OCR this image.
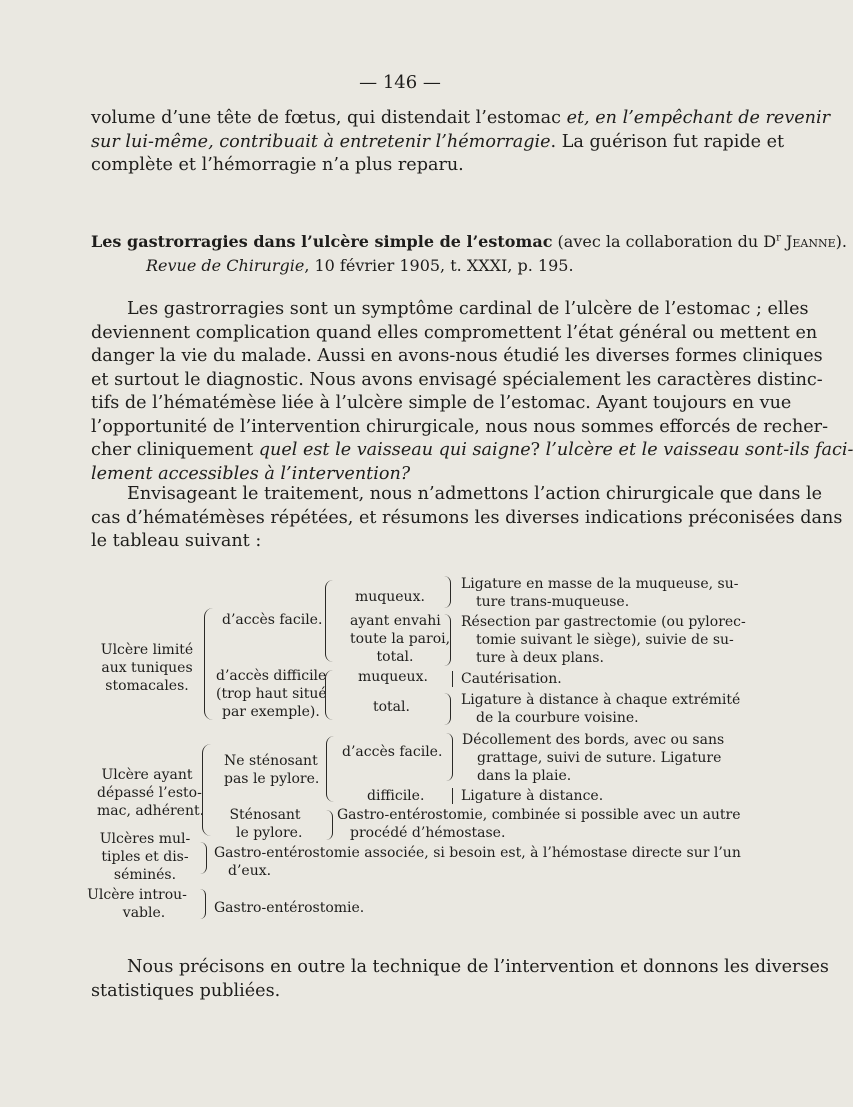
— 146 —
volume d’une tête de fœtus, qui distendait l’estomac et, en l’empêchant de revenir
sur lui-même, contribuait à entretenir l’hémorragie. La guérison fut rapide et
complète et l’hémorragie n’a plus reparu.
Les gastrorragies dans l’ulcère simple de l’estomac (avec la collaboration du $D^r$ Jeanne).
Revue de Chirurgie, 10 février 1905, t. XXXI, p. 195.
Les gastrorragies sont un symptôme cardinal de l’ulcère de l’estomac ; elles
deviennent complication quand elles compromettent l’état général ou mettent en
danger la vie du malade. Aussi en avons-nous étudié les diverses formes cliniques
et surtout le diagnostic. Nous avons envisagé spécialement les caractères distinc-
tifs de l’hématémèse liée à l’ulcère simple de l’estomac. Ayant toujours en vue
l’opportunité de l’intervention chirurgicale, nous nous sommes efforcés de recher-
cher cliniquement quel est le vaisseau qui saigne? l’ulcère et le vaisseau sont-ils faci-
lement accessibles à l’intervention?
Envisageant le traitement, nous n’admettons l’action chirurgicale que dans le
cas d’hématémèses répétées, et résumons les diverses indications préconisées dans
le tableau suivant :
Ulcère limité
aux tuniques
stomacales.
d’accès facile.
d’accès difficile
(trop haut situé
par exemple).
muqueux.
ayant envahi
toute la paroi,
total.
muqueux.
total.
Ligature en masse de la muqueuse, su-
ture trans-muqueuse.
Résection par gastrectomie (ou pylorec-
tomie suivant le siège), suivie de su-
ture à deux plans.
Cautérisation.
Ligature à distance à chaque extrémité
de la courbure voisine.
Ulcère ayant
dépassé l’esto-
mac, adhérent.
Ne sténosant
pas le pylore.
d’accès facile.
difficile.
Décollement des bords, avec ou sans
grattage, suivi de suture. Ligature
dans la plaie.
Ligature à distance.
Sténosant
le pylore.
Gastro-entérostomie, combinée si possible avec un autre
procédé d’hémostase.
Ulcères mul-
tiples et dis-
séminés.
Gastro-entérostomie associée, si besoin est, à l’hémostase directe sur l’un
d’eux.
Ulcère introu-
vable.	Gastro-entérostomie.
Nous précisons en outre la technique de l’intervention et donnons les diverses
statistiques publiées.
